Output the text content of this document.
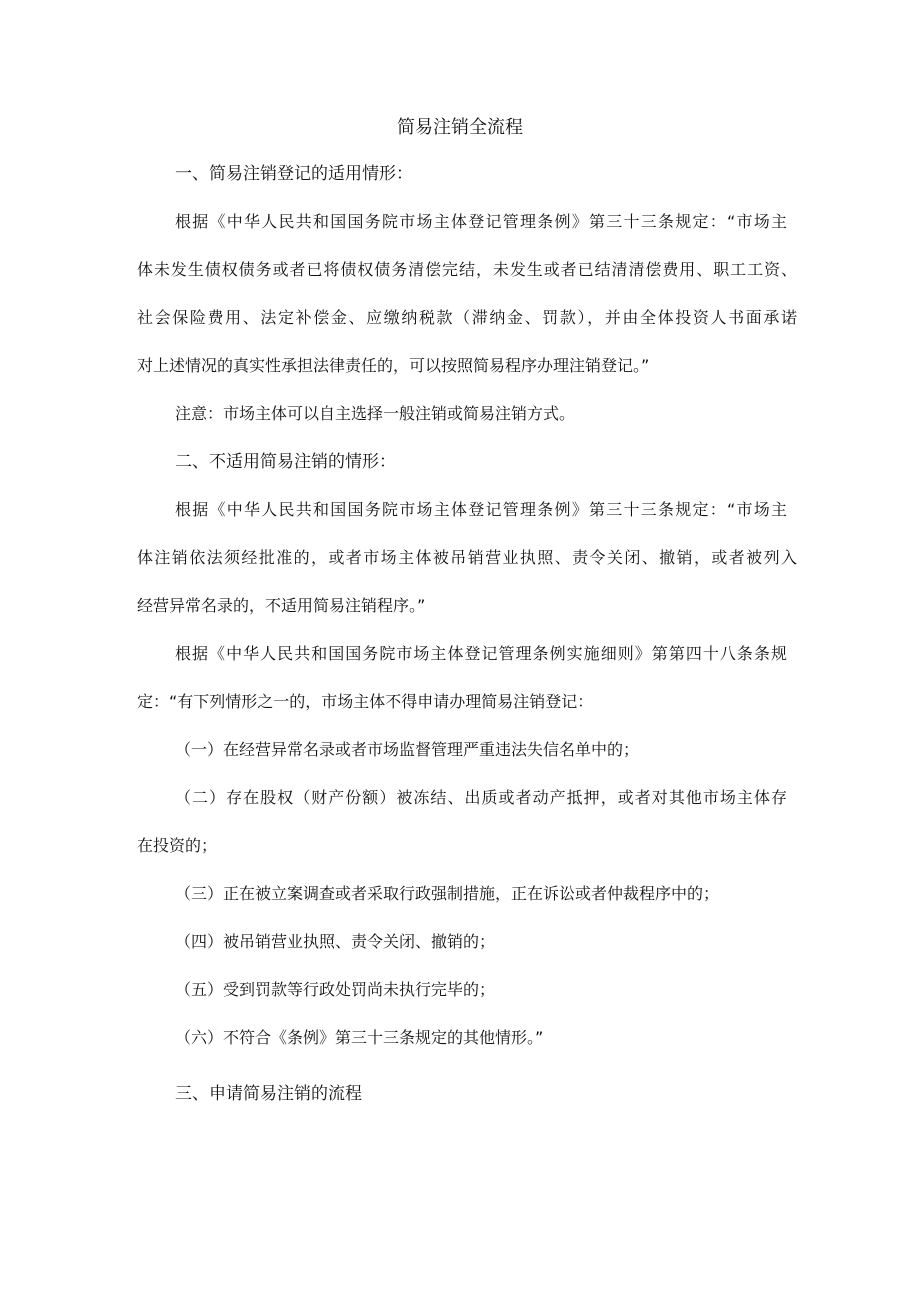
简易注销全流程
一、简易注销登记的适用情形：
根据《中华人民共和国国务院市场主体登记管理条例》第三十三条规定：“市场主
体未发生债权债务或者已将债权债务清偿完结，未发生或者已结清清偿费用、职工工资、
社会保险费用、法定补偿金、应缴纳税款（滞纳金、罚款），并由全体投资人书面承诺
对上述情况的真实性承担法律责任的，可以按照简易程序办理注销登记。”
注意：市场主体可以自主选择一般注销或简易注销方式。
二、不适用简易注销的情形：
根据《中华人民共和国国务院市场主体登记管理条例》第三十三条规定：“市场主
体注销依法须经批准的，或者市场主体被吊销营业执照、责令关闭、撤销，或者被列入
经营异常名录的，不适用简易注销程序。”
根据《中华人民共和国国务院市场主体登记管理条例实施细则》第第四十八条条规
定：“有下列情形之一的，市场主体不得申请办理简易注销登记：
（一）在经营异常名录或者市场监督管理严重违法失信名单中的；
（二）存在股权（财产份额）被冻结、出质或者动产抵押，或者对其他市场主体存
在投资的；
（三）正在被立案调查或者采取行政强制措施，正在诉讼或者仲裁程序中的；
（四）被吊销营业执照、责令关闭、撤销的；
（五）受到罚款等行政处罚尚未执行完毕的；
（六）不符合《条例》第三十三条规定的其他情形。”
三、申请简易注销的流程
